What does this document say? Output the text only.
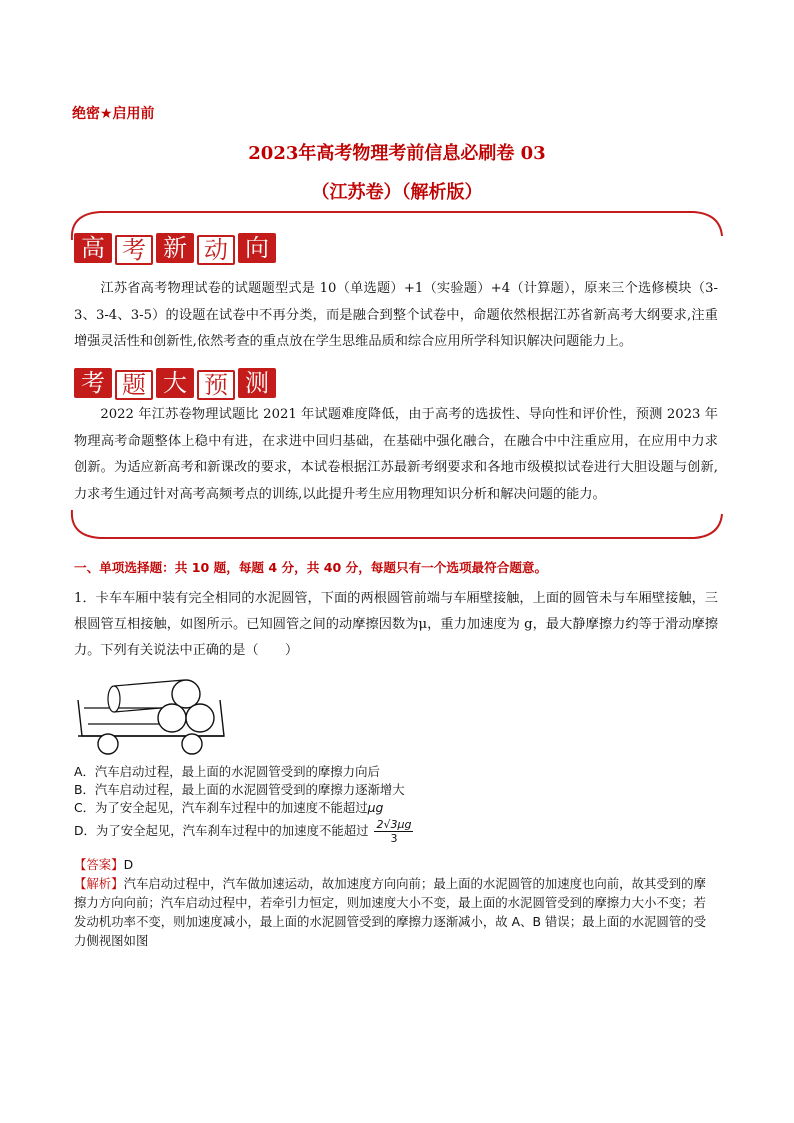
绝密★启用前
2023年高考物理考前信息必刷卷 03
（江苏卷）（解析版）
高 考 新 动 向
江苏省高考物理试卷的试题题型式是 10（单选题）+1（实验题）+4（计算题），原来三个选修模块（3-3、3-4、3-5）的设题在试卷中不再分类，而是融合到整个试卷中，命题依然根据江苏省新高考大纲要求,注重增强灵活性和创新性,依然考查的重点放在学生思维品质和综合应用所学科知识解决问题能力上。
考 题 大 预 测
2022 年江苏卷物理试题比 2021 年试题难度降低，由于高考的选拔性、导向性和评价性，预测 2023 年物理高考命题整体上稳中有进，在求进中回归基础，在基础中强化融合，在融合中中注重应用，在应用中力求创新。为适应新高考和新课改的要求，本试卷根据江苏最新考纲要求和各地市级模拟试卷进行大胆设题与创新,力求考生通过针对高考高频考点的训练,以此提升考生应用物理知识分析和解决问题的能力。
一、单项选择题：共 10 题，每题 4 分，共 40 分，每题只有一个选项最符合题意。
1．卡车车厢中装有完全相同的水泥圆管，下面的两根圆管前端与车厢壁接触，上面的圆管未与车厢壁接触，三根圆管互相接触，如图所示。已知圆管之间的动摩擦因数为μ，重力加速度为 g，最大静摩擦力约等于滑动摩擦力。下列有关说法中正确的是（　　）
A．汽车启动过程，最上面的水泥圆管受到的摩擦力向后
B．汽车启动过程，最上面的水泥圆管受到的摩擦力逐渐增大
C．为了安全起见，汽车刹车过程中的加速度不能超过μg
D．为了安全起见，汽车刹车过程中的加速度不能超过 $\frac{2√3\mu g}{3}$
【答案】D
【解析】汽车启动过程中，汽车做加速运动，故加速度方向向前；最上面的水泥圆管的加速度也向前，故其受到的摩擦力方向向前；汽车启动过程中，若牵引力恒定，则加速度大小不变，最上面的水泥圆管受到的摩擦力大小不变；若发动机功率不变，则加速度减小，最上面的水泥圆管受到的摩擦力逐渐减小，故 A、B 错误；最上面的水泥圆管的受力侧视图如图
